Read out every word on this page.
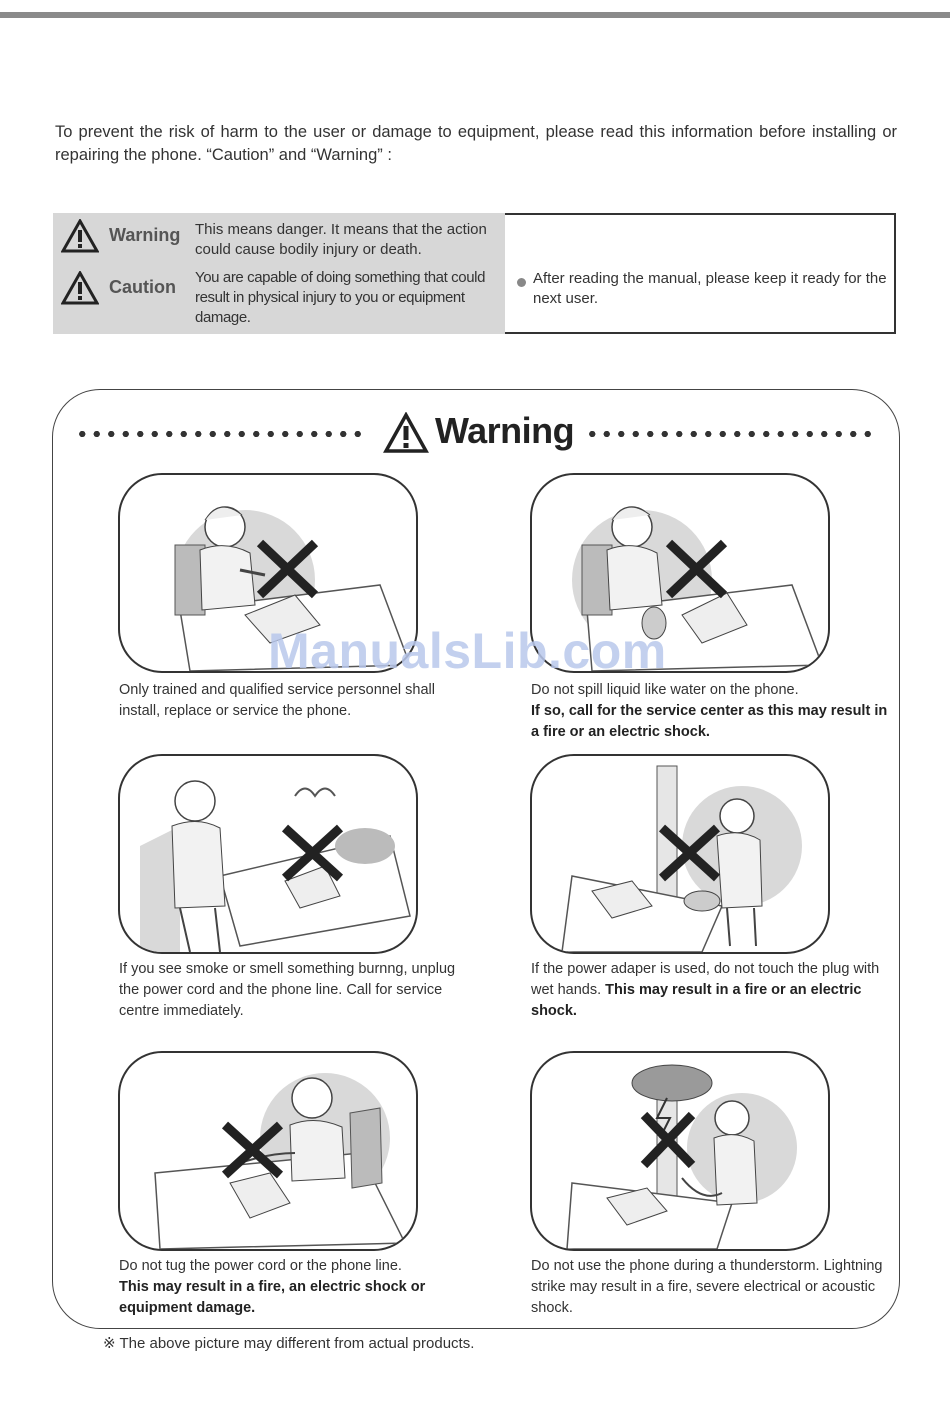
To prevent the risk of harm to the user or damage to equipment, please read this information before installing or repairing the phone. “Caution” and “Warning” :
Warning This means danger. It means that the action could cause bodily injury or death.
Caution You are capable of doing something that could result in physical injury to you or equipment damage.
After reading the manual, please keep it ready for the next user.
Warning
ManualsLib.com
Only trained and qualified service personnel shall install, replace or service the phone.
Do not spill liquid like water on the phone.
If so, call for the service center as this may result in a fire or an electric shock.
If you see smoke or smell something burnng, unplug the power cord and the phone line. Call for service centre immediately.
If the power adaper is used, do not touch the plug with wet hands. This may result in a fire or an electric shock.
Do not tug the power cord or the phone line.
This may result in a fire, an electric shock or equipment damage.
Do not use the phone during a thunderstorm. Lightning strike may result in a fire, severe electrical or acoustic shock.
※ The above picture may different from actual products.
